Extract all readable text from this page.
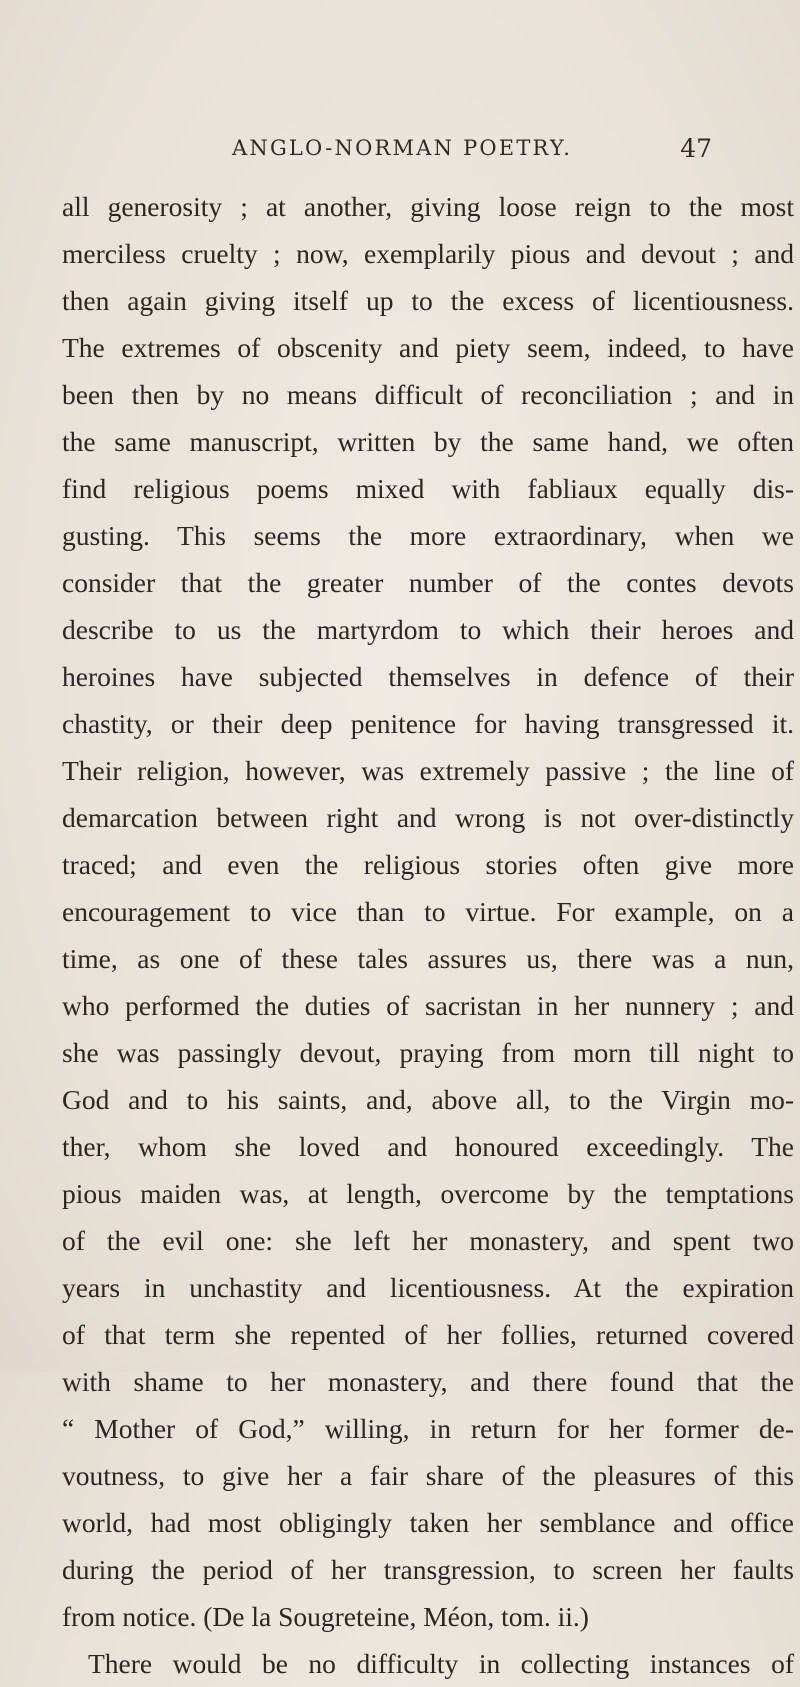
ANGLO-NORMAN POETRY.	47
all generosity ; at another, giving loose reign to the most
merciless cruelty ; now, exemplarily pious and devout ; and
then again giving itself up to the excess of licentiousness.
The extremes of obscenity and piety seem, indeed, to have
been then by no means difficult of reconciliation ; and in
the same manuscript, written by the same hand, we often
find religious poems mixed with fabliaux equally dis-
gusting. This seems the more extraordinary, when we
consider that the greater number of the contes devots
describe to us the martyrdom to which their heroes and
heroines have subjected themselves in defence of their
chastity, or their deep penitence for having transgressed it.
Their religion, however, was extremely passive ; the line of
demarcation between right and wrong is not over-distinctly
traced; and even the religious stories often give more
encouragement to vice than to virtue. For example, on a
time, as one of these tales assures us, there was a nun,
who performed the duties of sacristan in her nunnery ; and
she was passingly devout, praying from morn till night to
God and to his saints, and, above all, to the Virgin mo-
ther, whom she loved and honoured exceedingly. The
pious maiden was, at length, overcome by the temptations
of the evil one: she left her monastery, and spent two
years in unchastity and licentiousness. At the expiration
of that term she repented of her follies, returned covered
with shame to her monastery, and there found that the
“ Mother of God,” willing, in return for her former de-
voutness, to give her a fair share of the pleasures of this
world, had most obligingly taken her semblance and office
during the period of her transgression, to screen her faults
from notice. (De la Sougreteine, Méon, tom. ii.)
There would be no difficulty in collecting instances of
